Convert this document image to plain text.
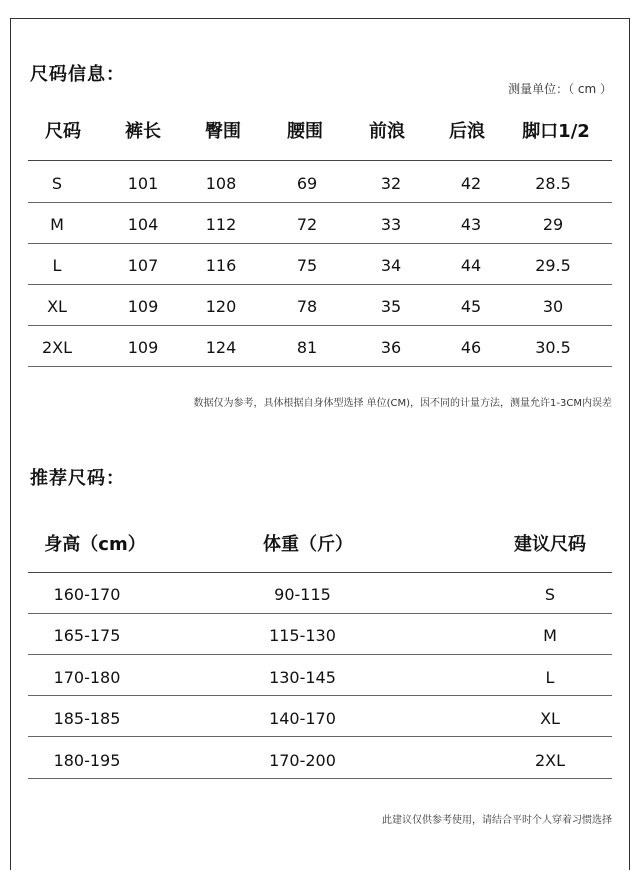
尺码信息：
测量单位：（ cm ）
尺码	裤长	臀围	腰围	前浪	后浪	脚口1/2
S	101	108	69	32	42	28.5
M	104	112	72	33	43	29
L	107	116	75	34	44	29.5
XL	109	120	78	35	45	30
2XL	109	124	81	36	46	30.5
数据仅为参考，具体根据自身体型选择 单位(CM)，因不同的计量方法，测量允许1-3CM内误差
推荐尺码：
身高（cm）	体重（斤）	建议尺码
160-170	90-115	S
165-175	115-130	M
170-180	130-145	L
185-185	140-170	XL
180-195	170-200	2XL
此建议仅供参考使用，请结合平时个人穿着习惯选择
